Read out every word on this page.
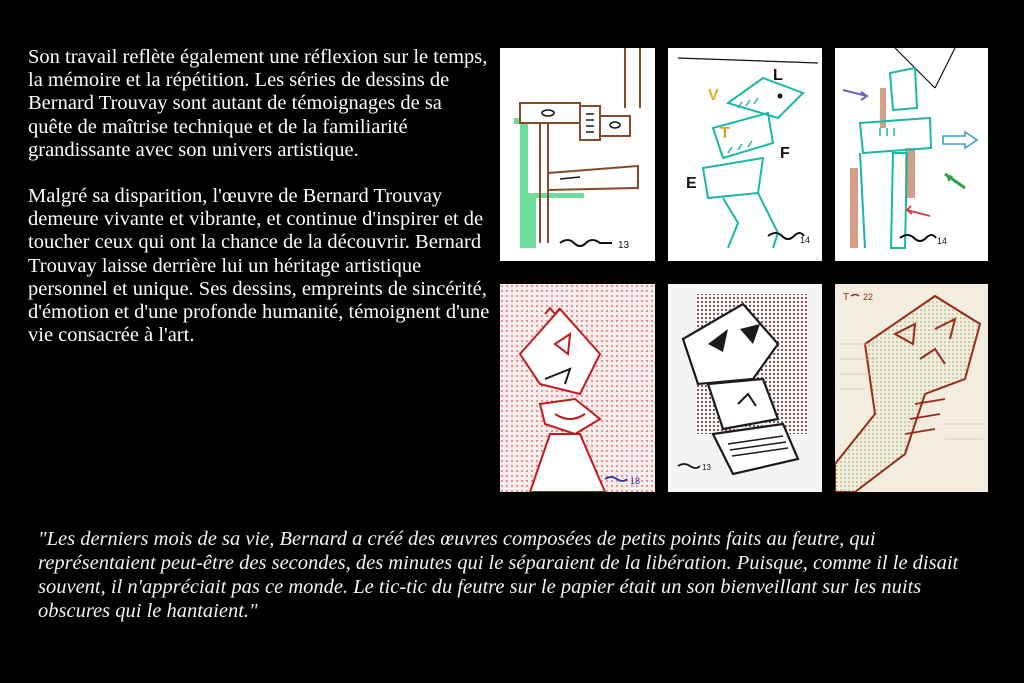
Son travail reflète également une réflexion sur le temps, la mémoire et la répétition. Les séries de dessins de Bernard Trouvay sont autant de témoignages de sa quête de maîtrise technique et de la familiarité grandissante avec son univers artistique.

Malgré sa disparition, l'œuvre de Bernard Trouvay demeure vivante et vibrante, et continue d'inspirer et de toucher ceux qui ont la chance de la découvrir. Bernard Trouvay laisse derrière lui un héritage artistique personnel et unique. Ses dessins, empreints de sincérité, d'émotion et d'une profonde humanité, témoignent d'une vie consacrée à l'art.

13
V
L
T
F
E
14	14
18
13
T 22
"Les derniers mois de sa vie, Bernard a créé des œuvres composées de petits points faits au feutre, qui représentaient peut-être des secondes, des minutes qui le séparaient de la libération. Puisque, comme il le disait souvent, il n'appréciait pas ce monde. Le tic-tic du feutre sur le papier était un son bienveillant sur les nuits obscures qui le hantaient."
